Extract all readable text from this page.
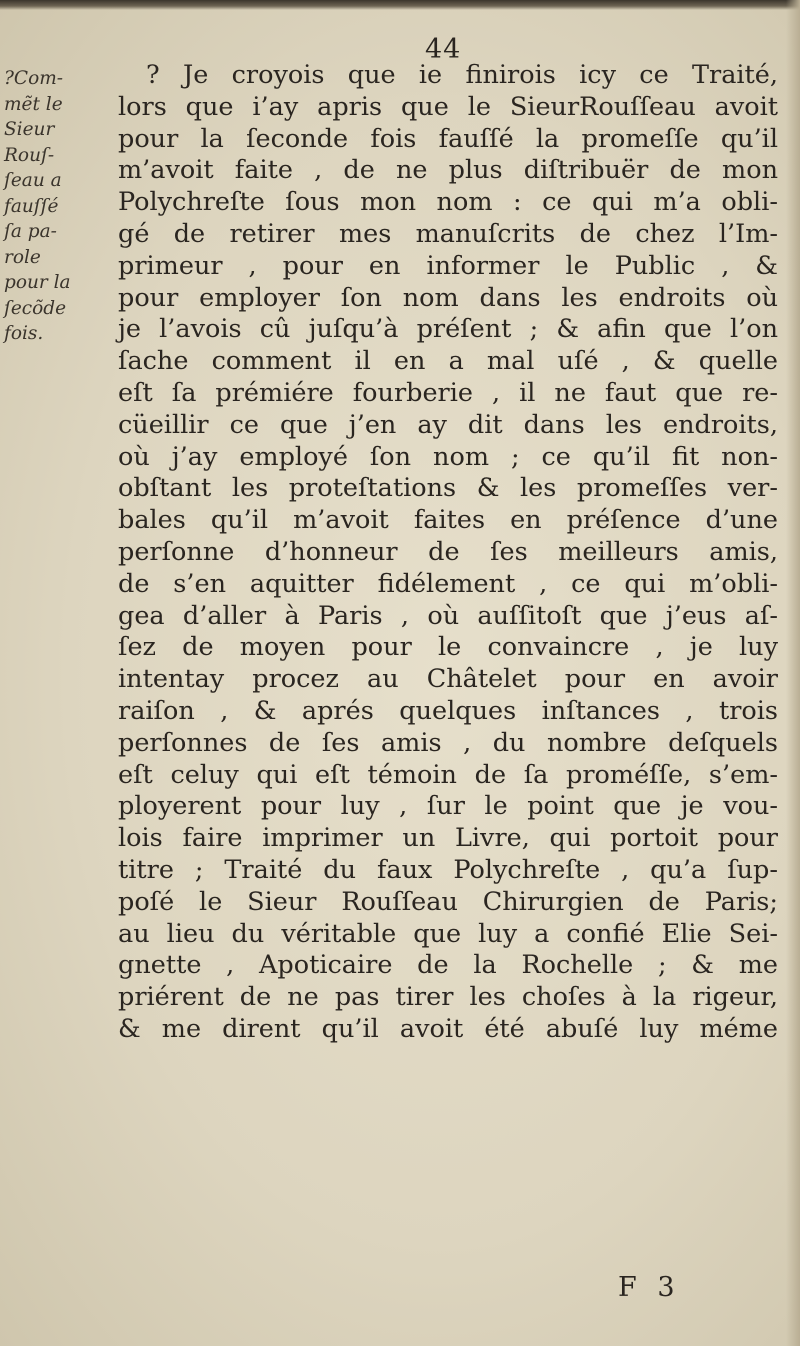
44
?Com-
mẽt le
Sieur
Rouſ-
ſeau a
fauſſé
ſa pa-
role
pour la
ſecõde
fois.
? Je croyois que ie finirois icy ce Traité,
lors que i’ay apris que le SieurRouſſeau avoit
pour la ſeconde fois fauſſé la promeſſe qu’il
m’avoit faite , de ne plus diſtribuër de mon
Polychreſte ſous mon nom : ce qui m’a obli-
gé de retirer mes manuſcrits de chez l’Im-
primeur , pour en informer le Public , &
pour employer ſon nom dans les endroits où
je l’avois cû juſqu’à préſent ; & afin que l’on
ſache comment il en a mal uſé , & quelle
eſt ſa prémiére fourberie , il ne faut que re-
cüeillir ce que j’en ay dit dans les endroits,
où j’ay employé ſon nom ; ce qu’il fit non-
obſtant les proteſtations & les promeſſes ver-
bales qu’il m’avoit faites en préſence d’une
perſonne d’honneur de ſes meilleurs amis,
de s’en aquitter fidélement , ce qui m’obli-
gea d’aller à Paris , où auſſitoſt que j’eus aſ-
ſez de moyen pour le convaincre , je luy
intentay procez au Châtelet pour en avoir
raiſon , & aprés quelques inſtances , trois
perſonnes de ſes amis , du nombre deſquels
eſt celuy qui eſt témoin de ſa proméſſe, s’em-
ployerent pour luy , ſur le point que je vou-
lois faire imprimer un Livre, qui portoit pour
titre ; Traité du faux Polychreſte , qu’a ſup-
poſé le Sieur Rouſſeau Chirurgien de Paris;
au lieu du véritable que luy a confié Elie Sei-
gnette , Apoticaire de la Rochelle ; & me
priérent de ne pas tirer les choſes à la rigeur,
& me dirent qu’il avoit été abuſé luy méme
F 3
